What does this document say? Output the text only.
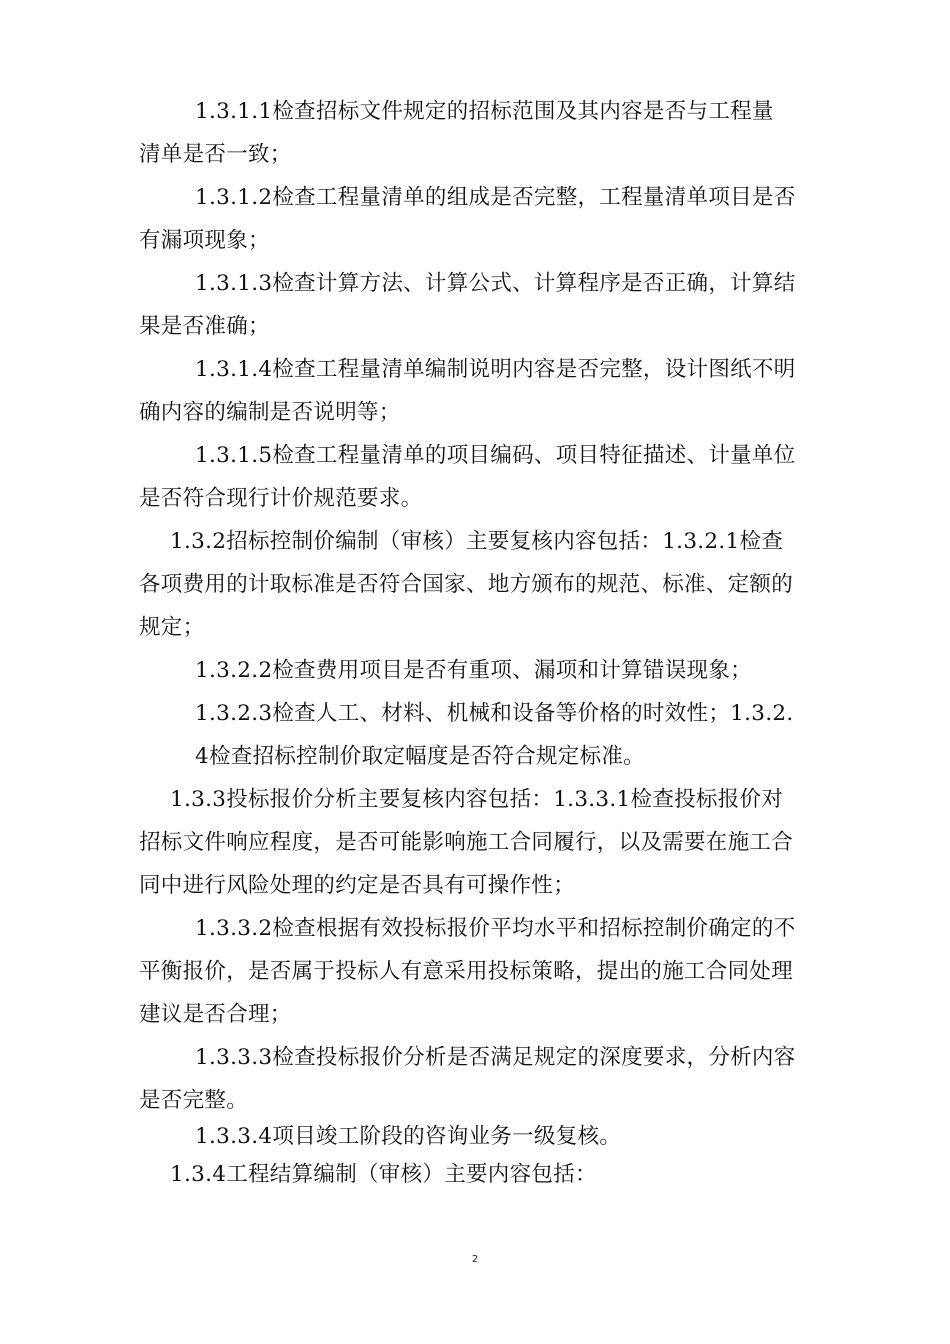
1.3.1.1检查招标文件规定的招标范围及其内容是否与工程量
清单是否一致；
1.3.1.2检查工程量清单的组成是否完整，工程量清单项目是否
有漏项现象；
1.3.1.3检查计算方法、计算公式、计算程序是否正确，计算结
果是否准确；
1.3.1.4检查工程量清单编制说明内容是否完整，设计图纸不明
确内容的编制是否说明等；
1.3.1.5检查工程量清单的项目编码、项目特征描述、计量单位
是否符合现行计价规范要求。
1.3.2招标控制价编制（审核）主要复核内容包括：1.3.2.1检查
各项费用的计取标准是否符合国家、地方颁布的规范、标准、定额的
规定；
1.3.2.2检查费用项目是否有重项、漏项和计算错误现象；
1.3.2.3检查人工、材料、机械和设备等价格的时效性；1.3.2.
4检查招标控制价取定幅度是否符合规定标准。
1.3.3投标报价分析主要复核内容包括：1.3.3.1检查投标报价对
招标文件响应程度，是否可能影响施工合同履行，以及需要在施工合
同中进行风险处理的约定是否具有可操作性；
1.3.3.2检查根据有效投标报价平均水平和招标控制价确定的不
平衡报价，是否属于投标人有意采用投标策略，提出的施工合同处理
建议是否合理；
1.3.3.3检查投标报价分析是否满足规定的深度要求，分析内容
是否完整。
1.3.3.4项目竣工阶段的咨询业务一级复核。
1.3.4工程结算编制（审核）主要内容包括：
2
